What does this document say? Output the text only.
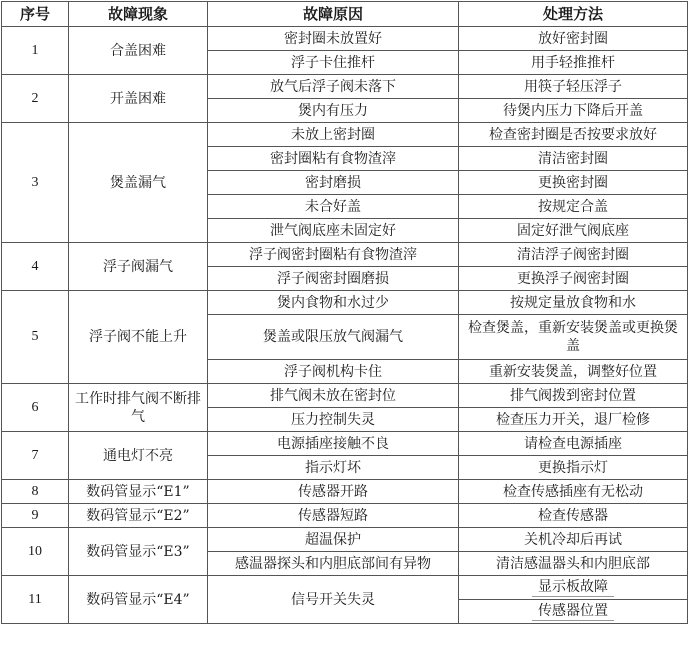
序号	故障现象	故障原因	处理方法
1	合盖困难	密封圈未放置好	放好密封圈
		浮子卡住推杆	用手轻推推杆
2	开盖困难	放气后浮子阀未落下	用筷子轻压浮子
		煲内有压力	待煲内压力下降后开盖
3	煲盖漏气	未放上密封圈	检查密封圈是否按要求放好
		密封圈粘有食物渣滓	清洁密封圈
		密封磨损	更换密封圈
		未合好盖	按规定合盖
		泄气阀底座未固定好	固定好泄气阀底座
4	浮子阀漏气	浮子阀密封圈粘有食物渣滓	清洁浮子阀密封圈
		浮子阀密封圈磨损	更换浮子阀密封圈
5	浮子阀不能上升	煲内食物和水过少	按规定量放食物和水
		煲盖或限压放气阀漏气	检查煲盖，重新安装煲盖或更换煲盖
		浮子阀机构卡住	重新安装煲盖，调整好位置
6	工作时排气阀不断排气	排气阀未放在密封位	排气阀拨到密封位置
		压力控制失灵	检查压力开关，退厂检修
7	通电灯不亮	电源插座接触不良	请检查电源插座
		指示灯坏	更换指示灯
8	数码管显示“E1”	传感器开路	检查传感插座有无松动
9	数码管显示“E2”	传感器短路	检查传感器
10	数码管显示“E3”	超温保护	关机冷却后再试
		感温器探头和内胆底部间有异物	清洁感温器头和内胆底部
11	数码管显示“E4”	信号开关失灵	显示板故障
			传感器位置
